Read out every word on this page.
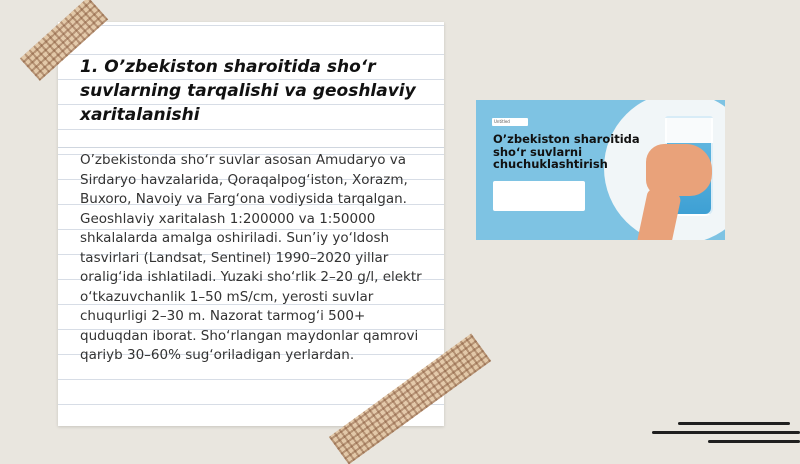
1. O’zbekiston sharoitida sho‘r suvlarning tarqalishi va geoshlaviy xaritalanishi

O’zbekistonda sho‘r suvlar asosan Amudaryo va Sirdaryo havzalarida, Qoraqalpog‘iston, Xorazm, Buxoro, Navoiy va Farg‘ona vodiysida tarqalgan. Geoshlaviy xaritalash 1:200000 va 1:50000 shkalalarda amalga oshiriladi. Sun’iy yo‘ldosh tasvirlari (Landsat, Sentinel) 1990–2020 yillar oralig‘ida ishlatiladi. Yuzaki sho‘rlik 2–20 g/l, elektr o‘tkazuvchanlik 1–50 mS/cm, yerosti suvlar chuqurligi 2–30 m. Nazorat tarmog‘i 500+ quduqdan iborat. Sho‘rlangan maydonlar qamrovi qariyb 30–60% sug‘oriladigan yerlardan.

Untitled

O’zbekiston sharoitida sho‘r suvlarni chuchuklashtirish
